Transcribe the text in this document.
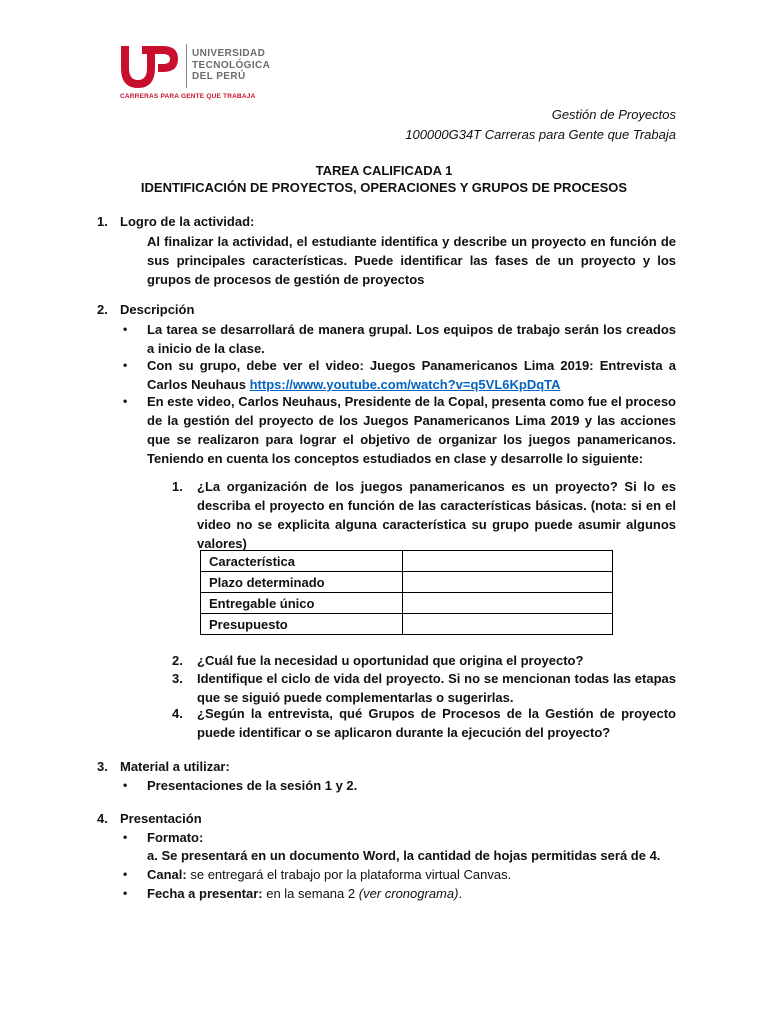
UNIVERSIDAD
TECNOLÓGICA
DEL PERÚ
CARRERAS PARA GENTE QUE TRABAJA
Gestión de Proyectos
100000G34T Carreras para Gente que Trabaja
TAREA CALIFICADA 1
IDENTIFICACIÓN DE PROYECTOS, OPERACIONES Y GRUPOS DE PROCESOS
1. Logro de la actividad:
Al finalizar la actividad, el estudiante identifica y describe un proyecto en función de sus principales características. Puede identificar las fases de un proyecto y los grupos de procesos de gestión de proyectos
2. Descripción
• La tarea se desarrollará de manera grupal. Los equipos de trabajo serán los creados a inicio de la clase.
• Con su grupo, debe ver el video: Juegos Panamericanos Lima 2019: Entrevista a Carlos Neuhaus https://www.youtube.com/watch?v=q5VL6KpDqTA
• En este video, Carlos Neuhaus, Presidente de la Copal, presenta como fue el proceso de la gestión del proyecto de los Juegos Panamericanos Lima 2019 y las acciones que se realizaron para lograr el objetivo de organizar los juegos panamericanos. Teniendo en cuenta los conceptos estudiados en clase y desarrolle lo siguiente:
1. ¿La organización de los juegos panamericanos es un proyecto? Si lo es describa el proyecto en función de las características básicas. (nota: si en el video no se explicita alguna característica su grupo puede asumir algunos valores)
Característica	
Plazo determinado	
Entregable único	
Presupuesto	
2. ¿Cuál fue la necesidad u oportunidad que origina el proyecto?
3. Identifique el ciclo de vida del proyecto. Si no se mencionan todas las etapas que se siguió puede complementarlas o sugerirlas.
4. ¿Según la entrevista, qué Grupos de Procesos de la Gestión de proyecto puede identificar o se aplicaron durante la ejecución del proyecto?
3. Material a utilizar:
• Presentaciones de la sesión 1 y 2.
4. Presentación
• Formato:
a. Se presentará en un documento Word, la cantidad de hojas permitidas será de 4.
• Canal: se entregará el trabajo por la plataforma virtual Canvas.
• Fecha a presentar: en la semana 2 (ver cronograma).
